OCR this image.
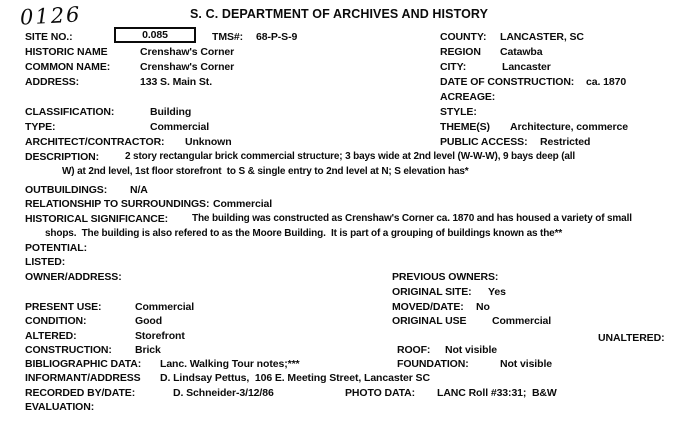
0126	S. C. DEPARTMENT OF ARCHIVES AND HISTORY
SITE NO.:	0.085	TMS#: 68-P-S-9	COUNTY: LANCASTER, SC
HISTORIC NAME	Crenshaw's Corner	REGION Catawba
COMMON NAME:	Crenshaw's Corner	CITY:	Lancaster
ADDRESS:	133 S. Main St.	DATE OF CONSTRUCTION: ca. 1870
ACREAGE:
CLASSIFICATION:	Building	STYLE:
TYPE:	Commercial	THEME(S) Architecture, commerce
ARCHITECT/CONTRACTOR: Unknown	PUBLIC ACCESS: Restricted
DESCRIPTION:	2 story rectangular brick commercial structure; 3 bays wide at 2nd level (W-W-W), 9 bays deep (all
W) at 2nd level, 1st floor storefront  to S & single entry to 2nd level at N; S elevation has*
OUTBUILDINGS: N/A
RELATIONSHIP TO SURROUNDINGS: Commercial
HISTORICAL SIGNIFICANCE: The building was constructed as Crenshaw's Corner ca. 1870 and has housed a variety of small
shops.  The building is also refered to as the Moore Building.  It is part of a grouping of buildings known as the**
POTENTIAL:
LISTED:
OWNER/ADDRESS:	PREVIOUS OWNERS:
ORIGINAL SITE: Yes
PRESENT USE:	Commercial	MOVED/DATE: No
CONDITION:	Good	ORIGINAL USE Commercial
ALTERED:	Storefront	UNALTERED:
CONSTRUCTION: Brick	ROOF: Not visible
BIBLIOGRAPHIC DATA: Lanc. Walking Tour notes;***	FOUNDATION:	Not visible
INFORMANT/ADDRESS D. Lindsay Pettus,  106 E. Meeting Street, Lancaster SC
RECORDED BY/DATE:	D. Schneider-3/12/86	PHOTO DATA: LANC Roll #33:31;  B&W
EVALUATION:
